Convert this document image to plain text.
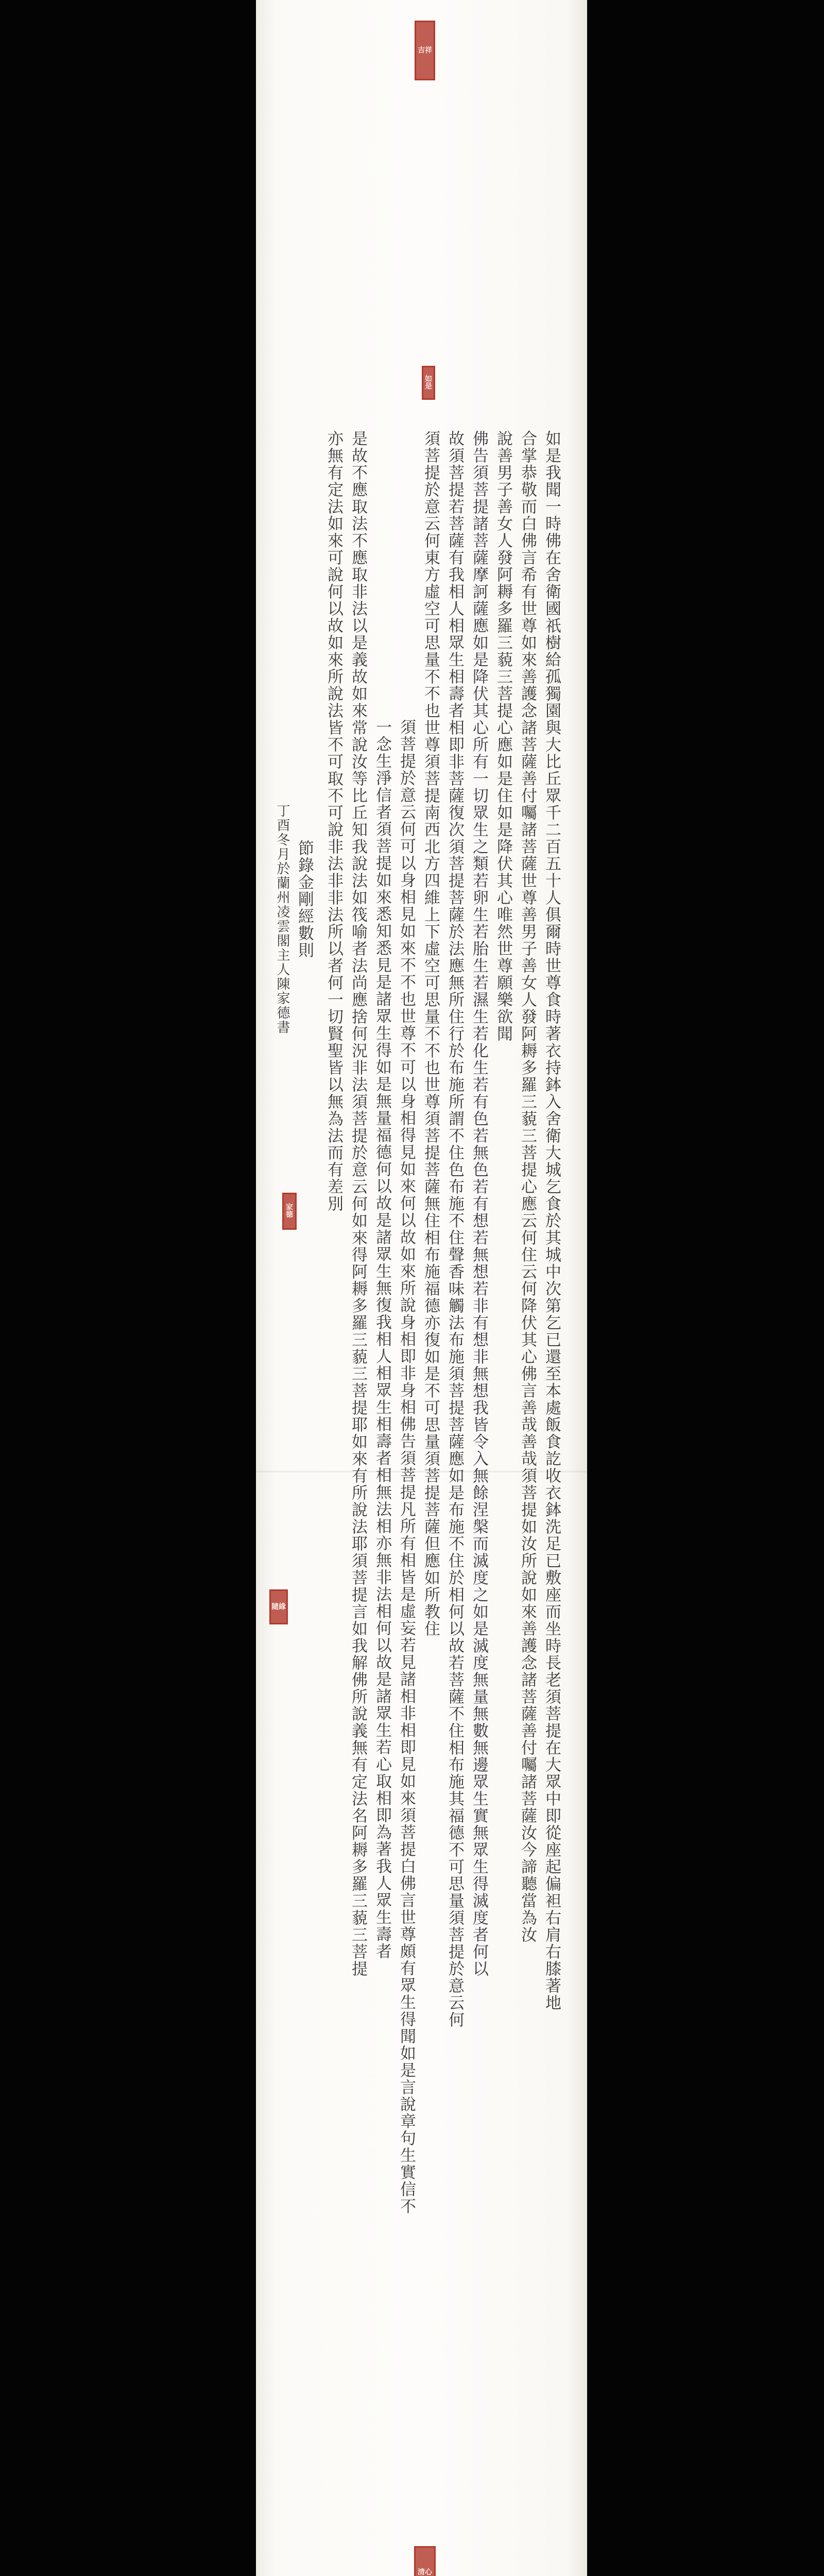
吉祥
如是
家德
隨緣
清心
如是我聞一時佛在舍衛國祇樹給孤獨園與大比丘眾千二百五十人俱爾時世尊食時著衣持鉢入舍衛大城乞食於其城中次第乞已還至本處飯食訖收衣鉢洗足已敷座而坐時長老須菩提在大眾中即從座起偏袒右肩右膝著地
合掌恭敬而白佛言希有世尊如來善護念諸菩薩善付囑諸菩薩世尊善男子善女人發阿耨多羅三藐三菩提心應云何住云何降伏其心佛言善哉善哉須菩提如汝所說如來善護念諸菩薩善付囑諸菩薩汝今諦聽當為汝
說善男子善女人發阿耨多羅三藐三菩提心應如是住如是降伏其心唯然世尊願樂欲聞
佛告須菩提諸菩薩摩訶薩應如是降伏其心所有一切眾生之類若卵生若胎生若濕生若化生若有色若無色若有想若無想若非有想非無想我皆令入無餘涅槃而滅度之如是滅度無量無數無邊眾生實無眾生得滅度者何以
故須菩提若菩薩有我相人相眾生相壽者相即非菩薩復次須菩提菩薩於法應無所住行於布施所謂不住色布施不住聲香味觸法布施須菩提菩薩應如是布施不住於相何以故若菩薩不住相布施其福德不可思量須菩提於意云何
須菩提於意云何東方虛空可思量不不也世尊須菩提南西北方四維上下虛空可思量不不也世尊須菩提菩薩無住相布施福德亦復如是不可思量須菩提菩薩但應如所教住
須菩提於意云何可以身相見如來不不也世尊不可以身相得見如來何以故如來所說身相即非身相佛告須菩提凡所有相皆是虛妄若見諸相非相即見如來須菩提白佛言世尊頗有眾生得聞如是言說章句生實信不
一念生淨信者須菩提如來悉知悉見是諸眾生得如是無量福德何以故是諸眾生無復我相人相眾生相壽者相無法相亦無非法相何以故是諸眾生若心取相即為著我人眾生壽者
是故不應取法不應取非法以是義故如來常說汝等比丘知我說法如筏喻者法尚應捨何況非法須菩提於意云何如來得阿耨多羅三藐三菩提耶如來有所說法耶須菩提言如我解佛所說義無有定法名阿耨多羅三藐三菩提
亦無有定法如來可說何以故如來所說法皆不可取不可說非法非非法所以者何一切賢聖皆以無為法而有差別
節錄金剛經數則
丁酉冬月於蘭州凌雲閣主人陳家德書
